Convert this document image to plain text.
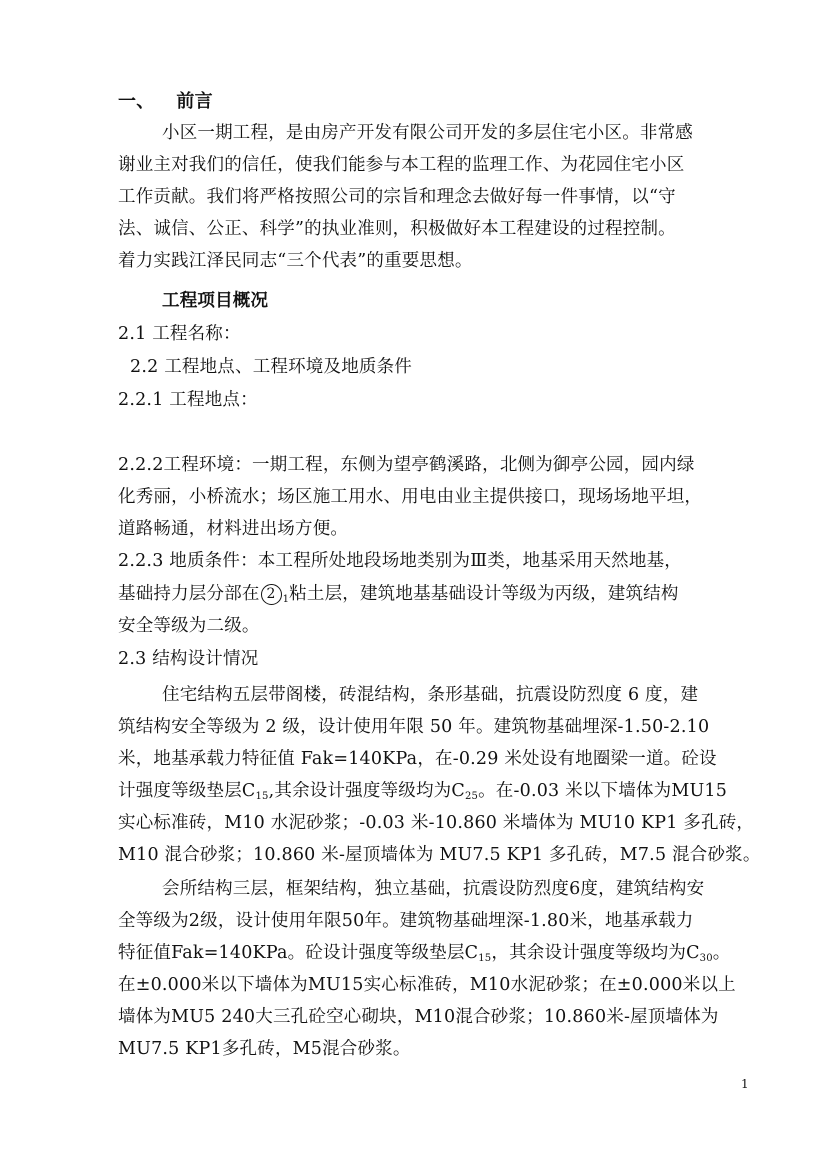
一、 前言
小区一期工程，是由房产开发有限公司开发的多层住宅小区。非常感
谢业主对我们的信任，使我们能参与本工程的监理工作、为花园住宅小区
工作贡献。我们将严格按照公司的宗旨和理念去做好每一件事情，以“守
法、诚信、公正、科学”的执业准则，积极做好本工程建设的过程控制。
着力实践江泽民同志“三个代表”的重要思想。
工程项目概况
2.1 工程名称：
2.2 工程地点、工程环境及地质条件
2.2.1 工程地点：
2.2.2工程环境：一期工程，东侧为望亭鹤溪路，北侧为御亭公园，园内绿
化秀丽，小桥流水；场区施工用水、用电由业主提供接口，现场场地平坦，
道路畅通，材料进出场方便。
2.2.3 地质条件：本工程所处地段场地类别为Ⅲ类，地基采用天然地基，
基础持力层分部在 2 $_1$粘土层，建筑地基基础设计等级为丙级，建筑结构
安全等级为二级。
2.3 结构设计情况
住宅结构五层带阁楼，砖混结构，条形基础，抗震设防烈度 6 度，建
筑结构安全等级为 2 级，设计使用年限 50 年。建筑物基础埋深-1.50-2.10
米，地基承载力特征值 Fak=140KPa，在-0.29 米处设有地圈梁一道。砼设
计强度等级垫层$C_{15}$,其余设计强度等级均为$C_{25}$。在-0.03 米以下墙体为MU15
实心标准砖，M10 水泥砂浆；-0.03 米-10.860 米墙体为 MU10 KP1 多孔砖，
M10 混合砂浆；10.860 米-屋顶墙体为 MU7.5 KP1 多孔砖，M7.5 混合砂浆。
会所结构三层，框架结构，独立基础，抗震设防烈度6度，建筑结构安
全等级为2级，设计使用年限50年。建筑物基础埋深-1.80米，地基承载力
特征值Fak=140KPa。砼设计强度等级垫层$C_{15}$，其余设计强度等级均为$C_{30}$。
在±0.000米以下墙体为MU15实心标准砖，M10水泥砂浆；在±0.000米以上
墙体为MU5 240大三孔砼空心砌块，M10混合砂浆；10.860米-屋顶墙体为
MU7.5 KP1多孔砖，M5混合砂浆。
1
